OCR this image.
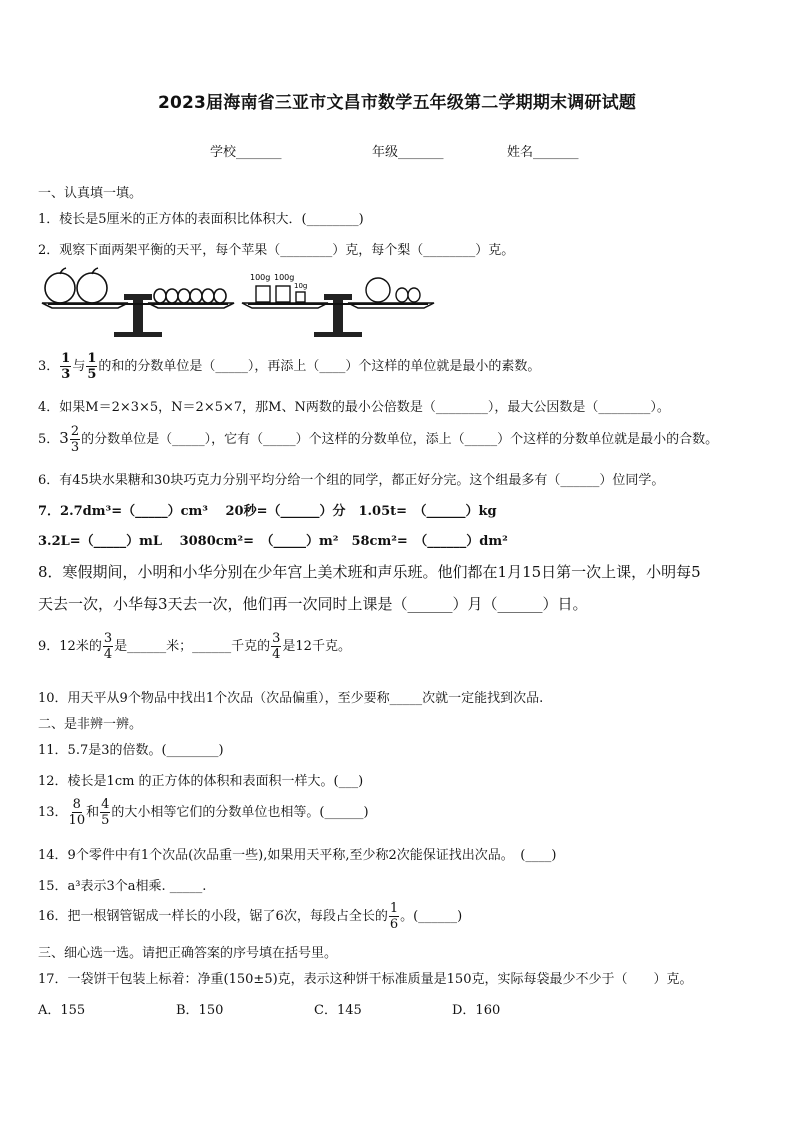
2023届海南省三亚市文昌市数学五年级第二学期期末调研试题
学校_______	年级_______	姓名_______
一、认真填一填。
1．棱长是5厘米的正方体的表面积比体积大．(________)
2．观察下面两架平衡的天平，每个苹果（________）克，每个梨（________）克。
100g 100g
10g
3． $\frac{1}{3}$ 与 $\frac{1}{5}$ 的和的分数单位是（_____），再添上（____）个这样的单位就是最小的素数。
4．如果M＝2×3×5，N＝2×5×7，那M、N两数的最小公倍数是（________），最大公因数是（________）。
5．$3 \frac{2}{3}$ 的分数单位是（_____），它有（_____）个这样的分数单位，添上（_____）个这样的分数单位就是最小的合数。
6．有45块水果糖和30块巧克力分别平均分给一个组的同学，都正好分完。这个组最多有（______）位同学。
7．2.7dm³=（_____）cm³　 20秒=（______）分　1.05t=　（______）kg
3.2L=（_____）mL　 3080cm²=　（_____）m²　58cm²=　（______）dm²
8．寒假期间，小明和小华分别在少年宫上美术班和声乐班。他们都在1月15日第一次上课，小明每5
天去一次，小华每3天去一次，他们再一次同时上课是（______）月（______）日。
9．12米的 $\frac{3}{4}$ 是______米；______千克的 $\frac{3}{4}$ 是12千克。
10．用天平从9个物品中找出1个次品（次品偏重），至少要称_____次就一定能找到次品.
二、是非辨一辨。
11．5.7是3的倍数。(________)
12．棱长是1cm 的正方体的体积和表面积一样大。(___)
13． $\frac{8}{10}$ 和 $\frac{4}{5}$ 的大小相等它们的分数单位也相等。(______)
14．9个零件中有1个次品(次品重一些),如果用天平称,至少称2次能保证找出次品。　(____)
15．a³表示3个a相乘. _____.
16．把一根钢管锯成一样长的小段，锯了6次，每段占全长的 $\frac{1}{6}$ 。(______)
三、细心选一选。请把正确答案的序号填在括号里。
17．一袋饼干包装上标着：净重(150±5)克，表示这种饼干标准质量是150克，实际每袋最少不少于（　　）克。
A．155	B．150	C．145	D．160
